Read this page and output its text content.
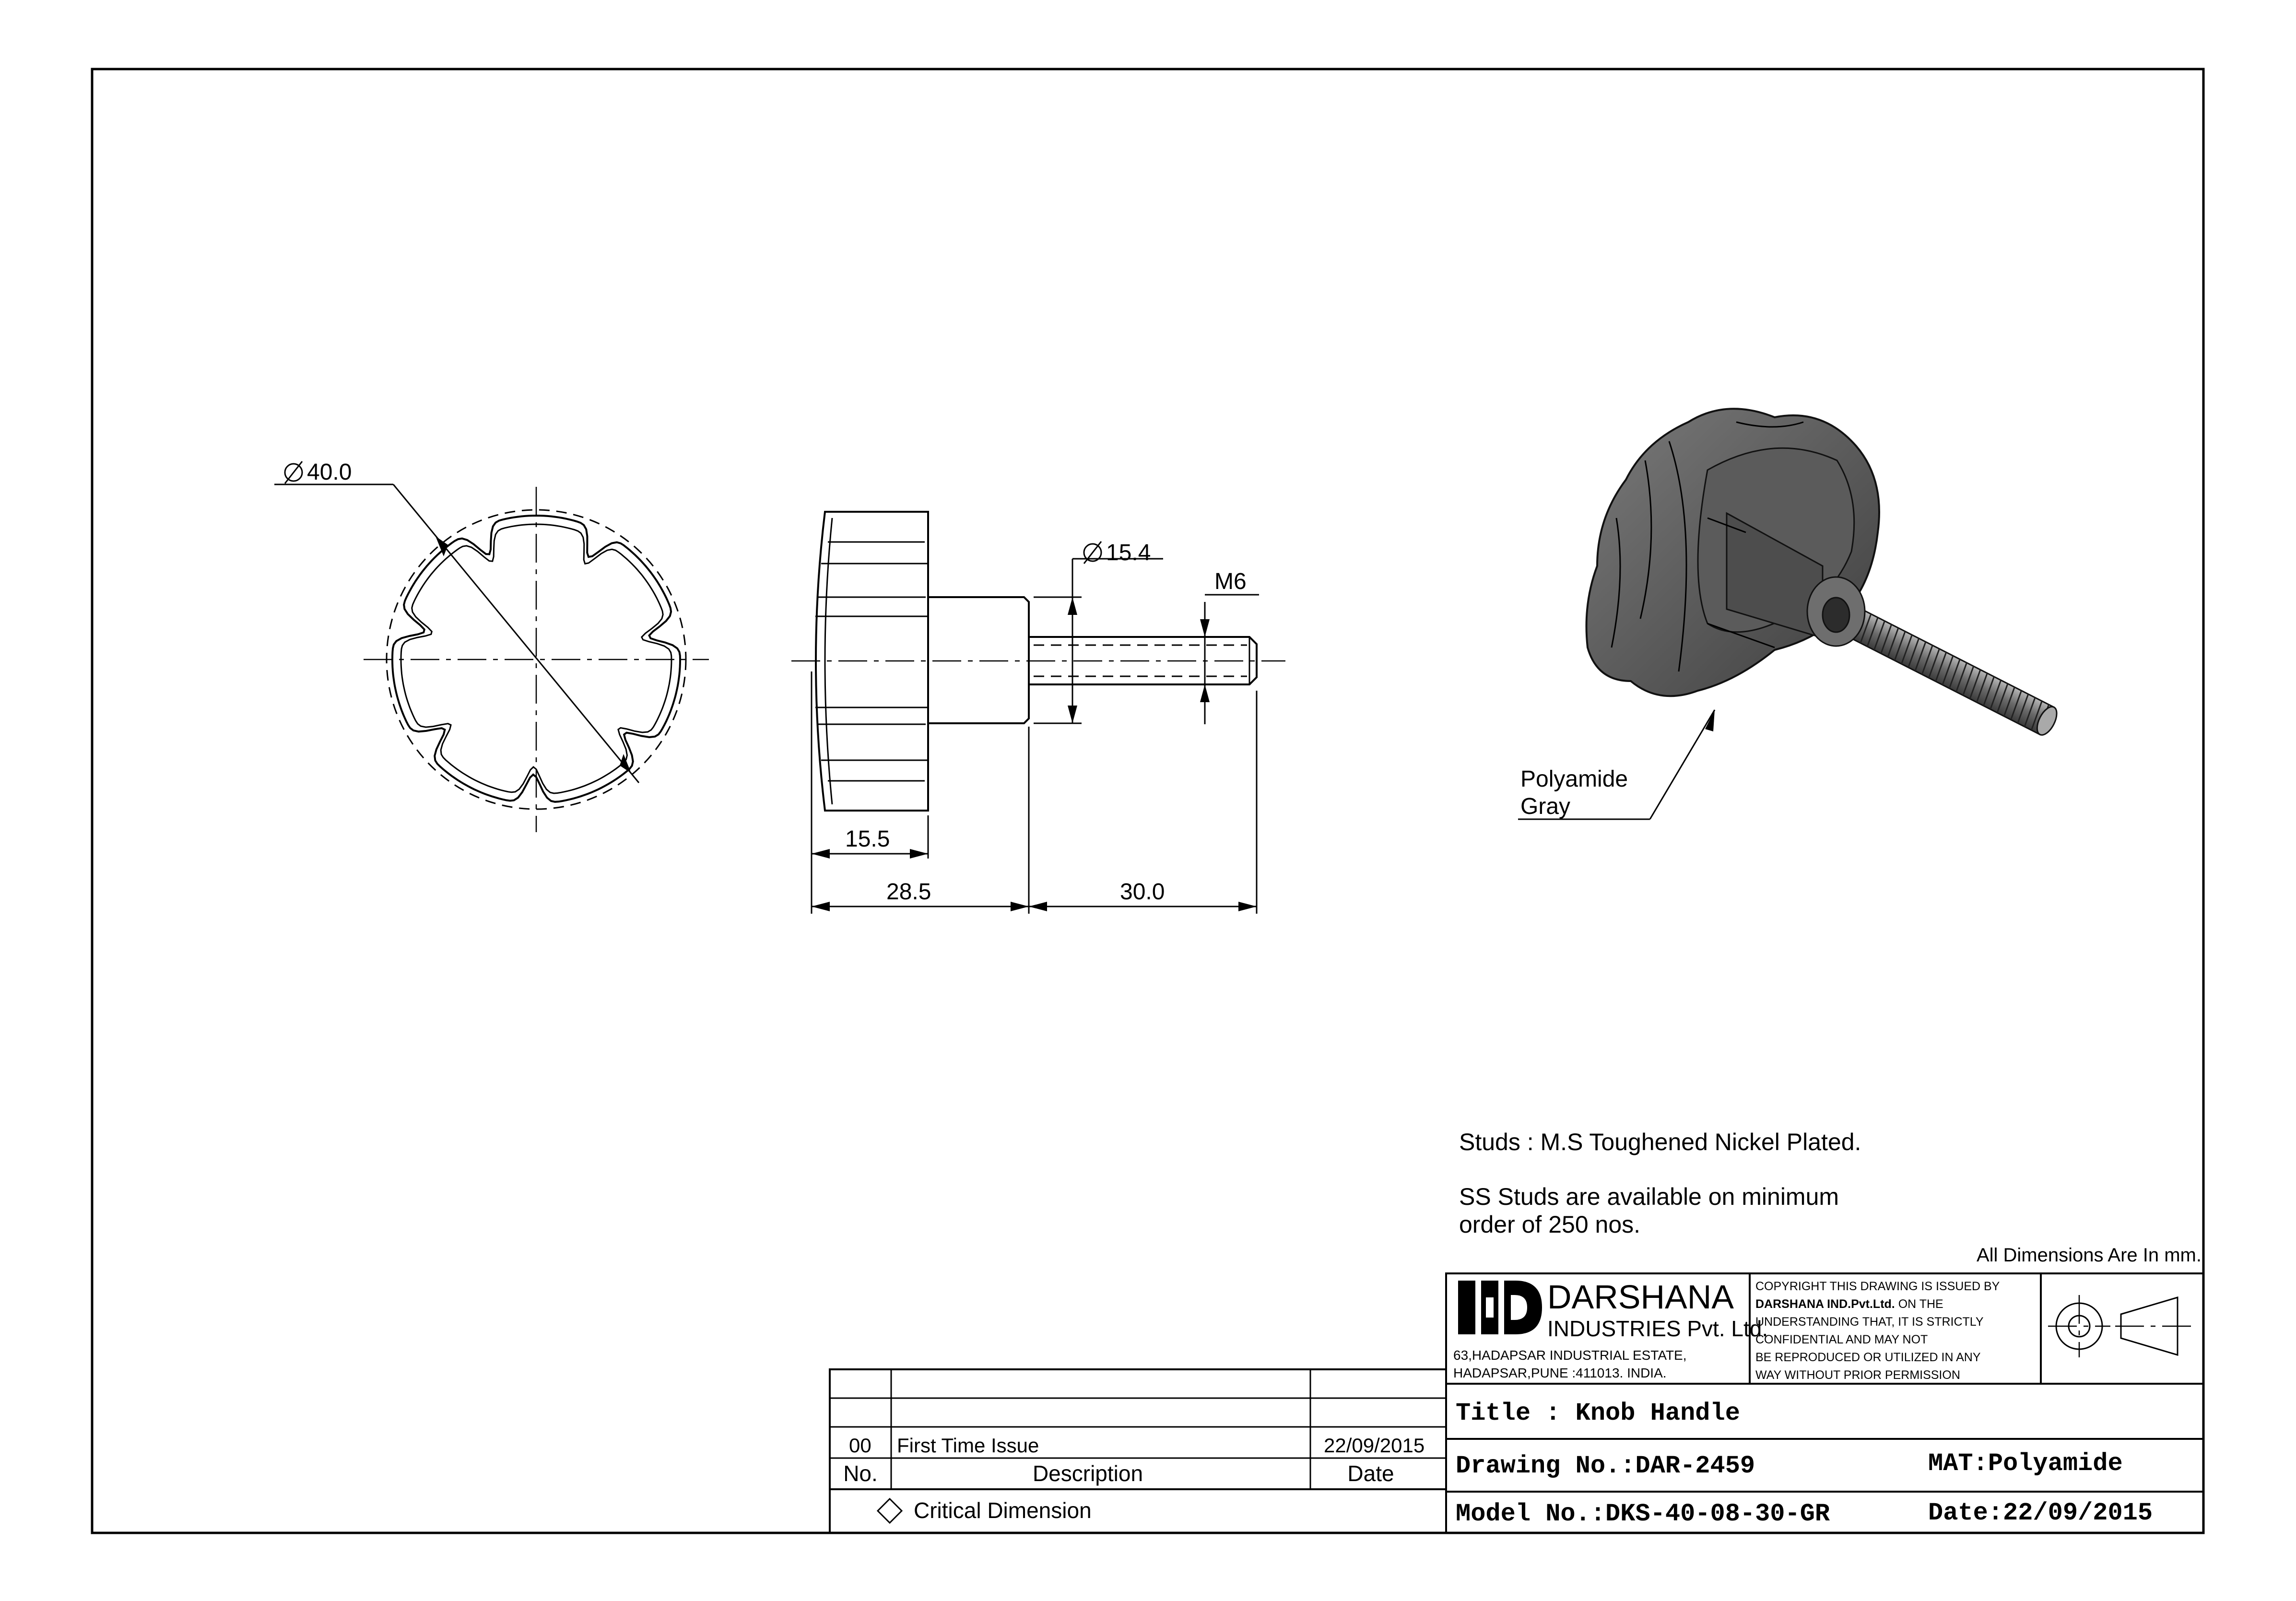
40.0
15.4
M6
15.5
28.5	30.0
Polyamide
Gray
Studs : M.S Toughened Nickel Plated.
SS Studs are available on minimum
order of 250 nos.
All Dimensions Are In mm.
DARSHANA
INDUSTRIES Pvt. Ltd.
63,HADAPSAR INDUSTRIAL ESTATE,
HADAPSAR,PUNE :411013. INDIA.
COPYRIGHT THIS DRAWING IS ISSUED BY
DARSHANA IND.Pvt.Ltd. ON THE
UNDERSTANDING THAT, IT IS STRICTLY
CONFIDENTIAL AND MAY NOT
BE REPRODUCED OR UTILIZED IN ANY
WAY WITHOUT PRIOR PERMISSION
Title : Knob Handle
Drawing No.:DAR-2459	MAT:Polyamide
Model No.:DKS-40-08-30-GR	Date:22/09/2015
00 First Time Issue	22/09/2015
No.	Description	Date
Critical Dimension
